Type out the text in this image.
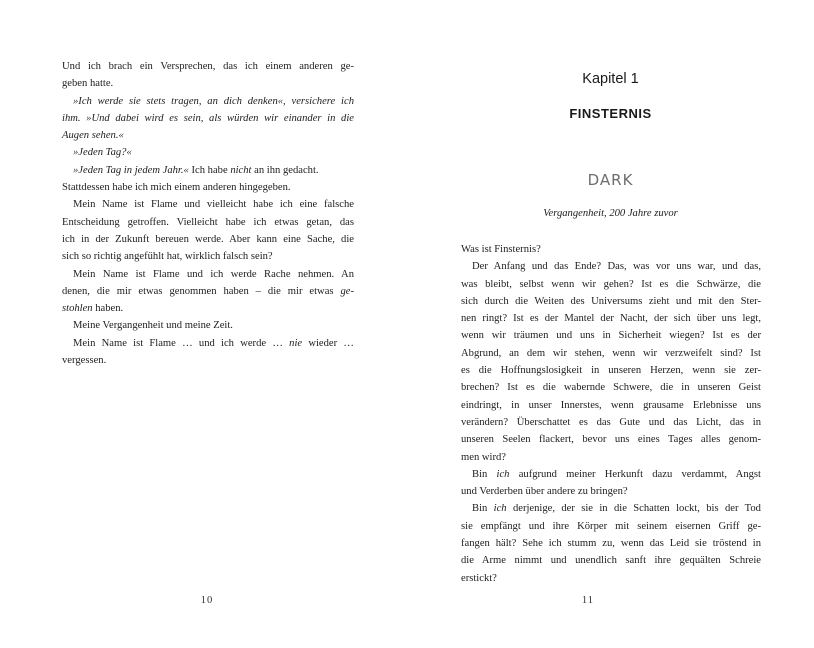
Und ich brach ein Versprechen, das ich einem anderen ge-
geben hatte.
»Ich werde sie stets tragen, an dich denken«, versichere ich
ihm. »Und dabei wird es sein, als würden wir einander in die
Augen sehen.«
»Jeden Tag?«
»Jeden Tag in jedem Jahr.« Ich habe nicht an ihn gedacht.
Stattdessen habe ich mich einem anderen hingegeben.
Mein Name ist Flame und vielleicht habe ich eine falsche
Entscheidung getroffen. Vielleicht habe ich etwas getan, das
ich in der Zukunft bereuen werde. Aber kann eine Sache, die
sich so richtig angefühlt hat, wirklich falsch sein?
Mein Name ist Flame und ich werde Rache nehmen. An
denen, die mir etwas genommen haben – die mir etwas ge-
stohlen haben.
Meine Vergangenheit und meine Zeit.
Mein Name ist Flame … und ich werde … nie wieder …
vergessen.
10
Kapitel 1
FINSTERNIS
DARK
Vergangenheit, 200 Jahre zuvor
Was ist Finsternis?
Der Anfang und das Ende? Das, was vor uns war, und das,
was bleibt, selbst wenn wir gehen? Ist es die Schwärze, die
sich durch die Weiten des Universums zieht und mit den Ster-
nen ringt? Ist es der Mantel der Nacht, der sich über uns legt,
wenn wir träumen und uns in Sicherheit wiegen? Ist es der
Abgrund, an dem wir stehen, wenn wir verzweifelt sind? Ist
es die Hoffnungslosigkeit in unseren Herzen, wenn sie zer-
brechen? Ist es die wabernde Schwere, die in unseren Geist
eindringt, in unser Innerstes, wenn grausame Erlebnisse uns
verändern? Überschattet es das Gute und das Licht, das in
unseren Seelen flackert, bevor uns eines Tages alles genom-
men wird?
Bin ich aufgrund meiner Herkunft dazu verdammt, Angst
und Verderben über andere zu bringen?
Bin ich derjenige, der sie in die Schatten lockt, bis der Tod
sie empfängt und ihre Körper mit seinem eisernen Griff ge-
fangen hält? Sehe ich stumm zu, wenn das Leid sie tröstend in
die Arme nimmt und unendlich sanft ihre gequälten Schreie
erstickt?
11
